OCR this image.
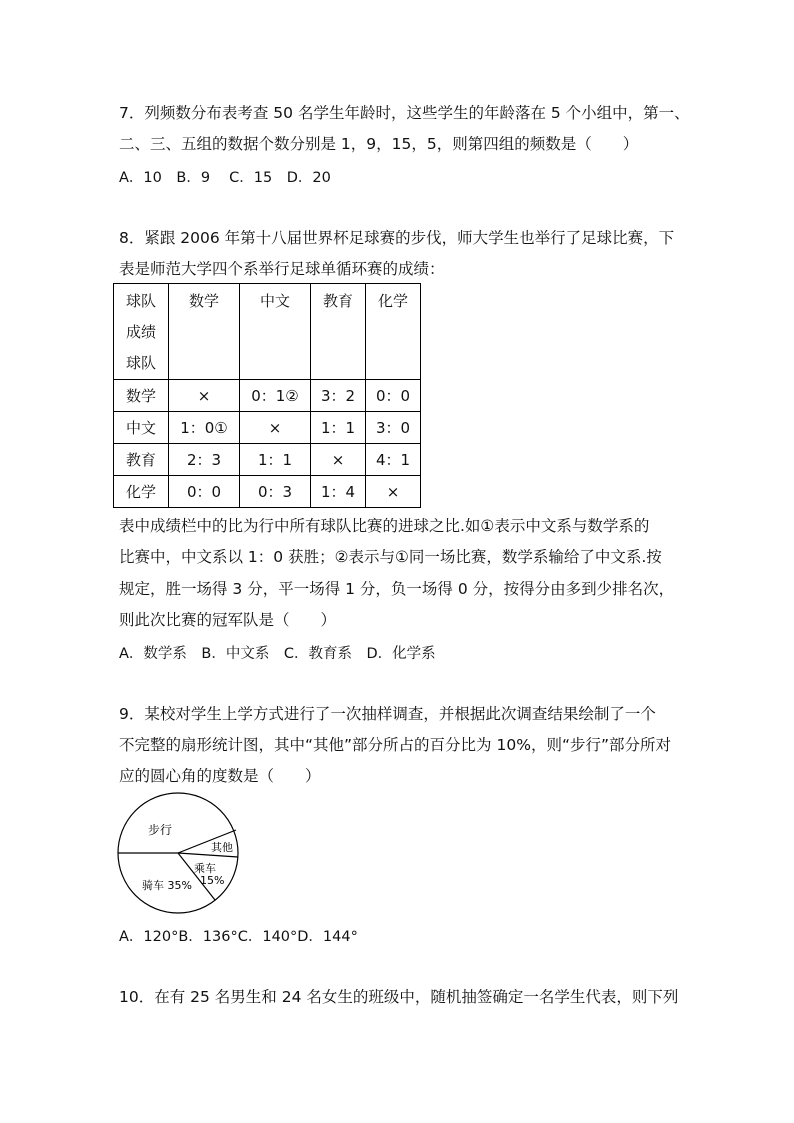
7．列频数分布表考查 50 名学生年龄时，这些学生的年龄落在 5 个小组中，第一、
二、三、五组的数据个数分别是 1，9，15，5，则第四组的频数是（　　）
A．10　B．9　 C．15　D．20
8．紧跟 2006 年第十八届世界杯足球赛的步伐，师大学生也举行了足球比赛，下
表是师范大学四个系举行足球单循环赛的成绩：
球队
成绩
球队	数学	中文	教育	化学
数学	×	0：1②	3：2	0：0
中文	1：0①	×	1：1	3：0
教育	2：3	1：1	×	4：1
化学	0：0	0：3	1：4	×
表中成绩栏中的比为行中所有球队比赛的进球之比.如①表示中文系与数学系的
比赛中，中文系以 1：0 获胜；②表示与①同一场比赛，数学系输给了中文系.按
规定，胜一场得 3 分，平一场得 1 分，负一场得 0 分，按得分由多到少排名次，
则此次比赛的冠军队是（　　）
A．数学系　B．中文系　C．教育系　D．化学系
9．某校对学生上学方式进行了一次抽样调查，并根据此次调查结果绘制了一个
不完整的扇形统计图，其中“其他”部分所占的百分比为 10%，则“步行”部分所对
应的圆心角的度数是（　　）
步行
其他
乘车
15%
骑车 35%
A．120°B．136°C．140°D．144°
10．在有 25 名男生和 24 名女生的班级中，随机抽签确定一名学生代表，则下列
